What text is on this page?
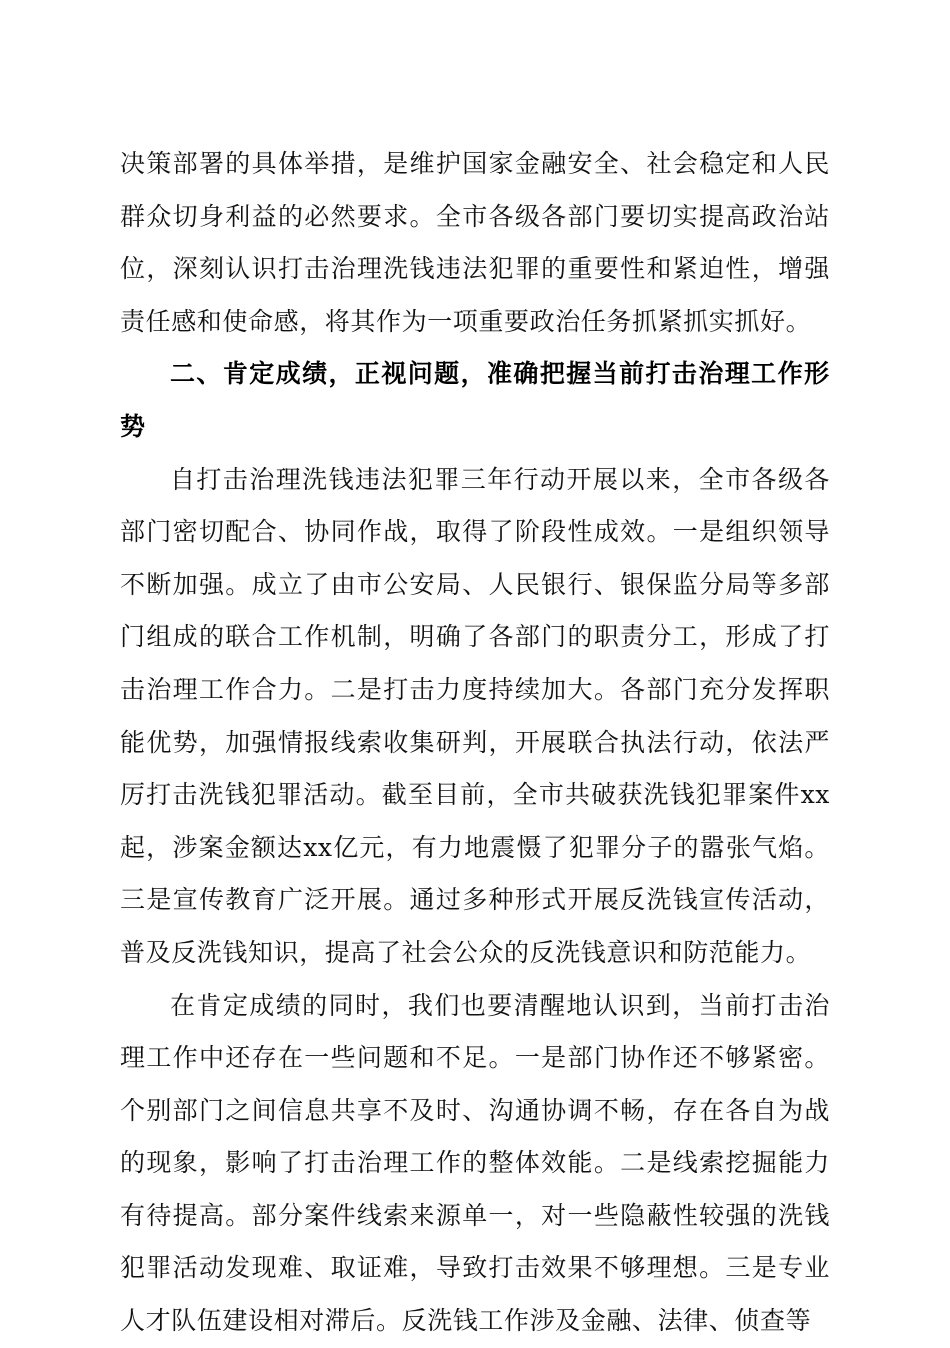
决策部署的具体举措，是维护国家金融安全、社会稳定和人民群众切身利益的必然要求。全市各级各部门要切实提高政治站位，深刻认识打击治理洗钱违法犯罪的重要性和紧迫性，增强责任感和使命感，将其作为一项重要政治任务抓紧抓实抓好。

二、肯定成绩，正视问题，准确把握当前打击治理工作形势

自打击治理洗钱违法犯罪三年行动开展以来，全市各级各部门密切配合、协同作战，取得了阶段性成效。一是组织领导不断加强。成立了由市公安局、人民银行、银保监分局等多部门组成的联合工作机制，明确了各部门的职责分工，形成了打击治理工作合力。二是打击力度持续加大。各部门充分发挥职能优势，加强情报线索收集研判，开展联合执法行动，依法严厉打击洗钱犯罪活动。截至目前，全市共破获洗钱犯罪案件xx起，涉案金额达xx亿元，有力地震慑了犯罪分子的嚣张气焰。三是宣传教育广泛开展。通过多种形式开展反洗钱宣传活动，普及反洗钱知识，提高了社会公众的反洗钱意识和防范能力。

在肯定成绩的同时，我们也要清醒地认识到，当前打击治理工作中还存在一些问题和不足。一是部门协作还不够紧密。个别部门之间信息共享不及时、沟通协调不畅，存在各自为战的现象，影响了打击治理工作的整体效能。二是线索挖掘能力有待提高。部分案件线索来源单一，对一些隐蔽性较强的洗钱犯罪活动发现难、取证难，导致打击效果不够理想。三是专业人才队伍建设相对滞后。反洗钱工作涉及金融、法律、侦查等
